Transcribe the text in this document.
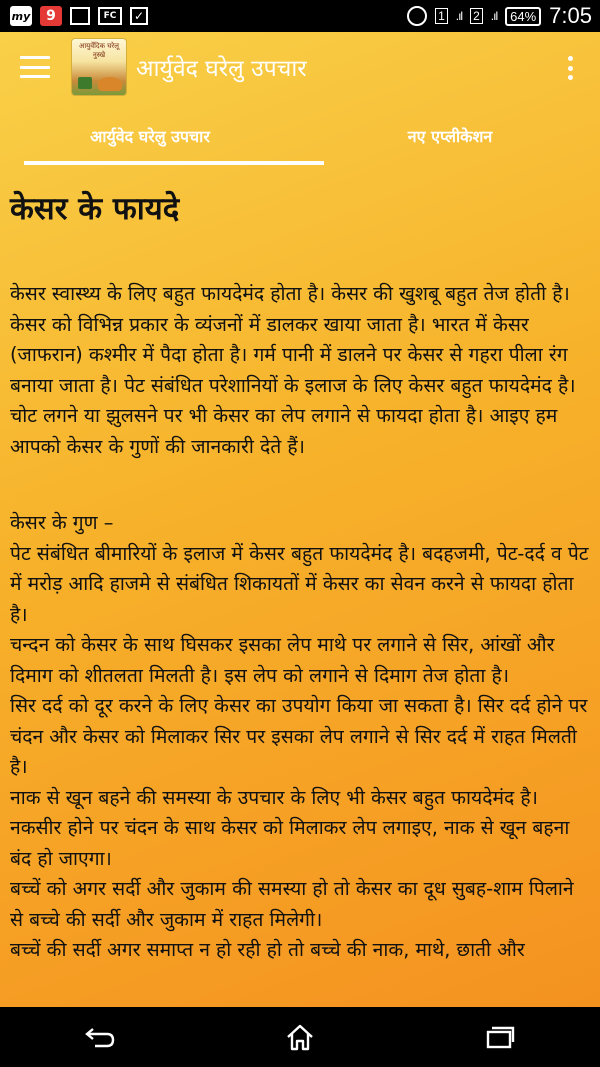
my	9	FC	✓	1 .ıl 2 .ıl	64% 7:05
आयुर्वेदिक घरेलू नुस्खे
आर्युवेद घरेलु उपचार
आर्युवेद घरेलु उपचार	नए एप्लीकेशन
केसर के फायदे

केसर स्वास्थ्य के लिए बहुत फायदेमंद होता है। केसर की खुशबू बहुत तेज होती है। केसर को विभिन्न प्रकार के व्यंजनों में डालकर खाया जाता है। भारत में केसर (जाफरान) कश्मीर में पैदा होता है। गर्म पानी में डालने पर केसर से गहरा पीला रंग बनाया जाता है। पेट संबंधित परेशानियों के इलाज के लिए केसर बहुत फायदेमंद है। चोट लगने या झुलसने पर भी केसर का लेप लगाने से फायदा होता है। आइए हम आपको केसर के गुणों की जानकारी देते हैं।

केसर के गुण –

पेट संबंधित बीमारियों के इलाज में केसर बहुत फायदेमंद है। बदहजमी, पेट-दर्द व पेट में मरोड़ आदि हाजमे से संबंधित शिकायतों में केसर का सेवन करने से फायदा होता है।

चन्दन को केसर के साथ घिसकर इसका लेप माथे पर लगाने से सिर, आंखों और दिमाग को शीतलता मिलती है। इस लेप को लगाने से दिमाग तेज होता है।

सिर दर्द को दूर करने के लिए केसर का उपयोग किया जा सकता है। सिर दर्द होने पर चंदन और केसर को मिलाकर सिर पर इसका लेप लगाने से सिर दर्द में राहत मिलती है।

नाक से खून बहने की समस्या के उपचार के लिए भी केसर बहुत फायदेमंद है। नकसीर होने पर चंदन के साथ केसर को मिलाकर लेप लगाइए, नाक से खून बहना बंद हो जाएगा।

बच्चें को अगर सर्दी और जुकाम की समस्या हो तो केसर का दूध सुबह-शाम पिलाने से बच्चे की सर्दी और जुकाम में राहत मिलेगी।

बच्चें की सर्दी अगर समाप्त न हो रही हो तो बच्चे की नाक, माथे, छाती और
